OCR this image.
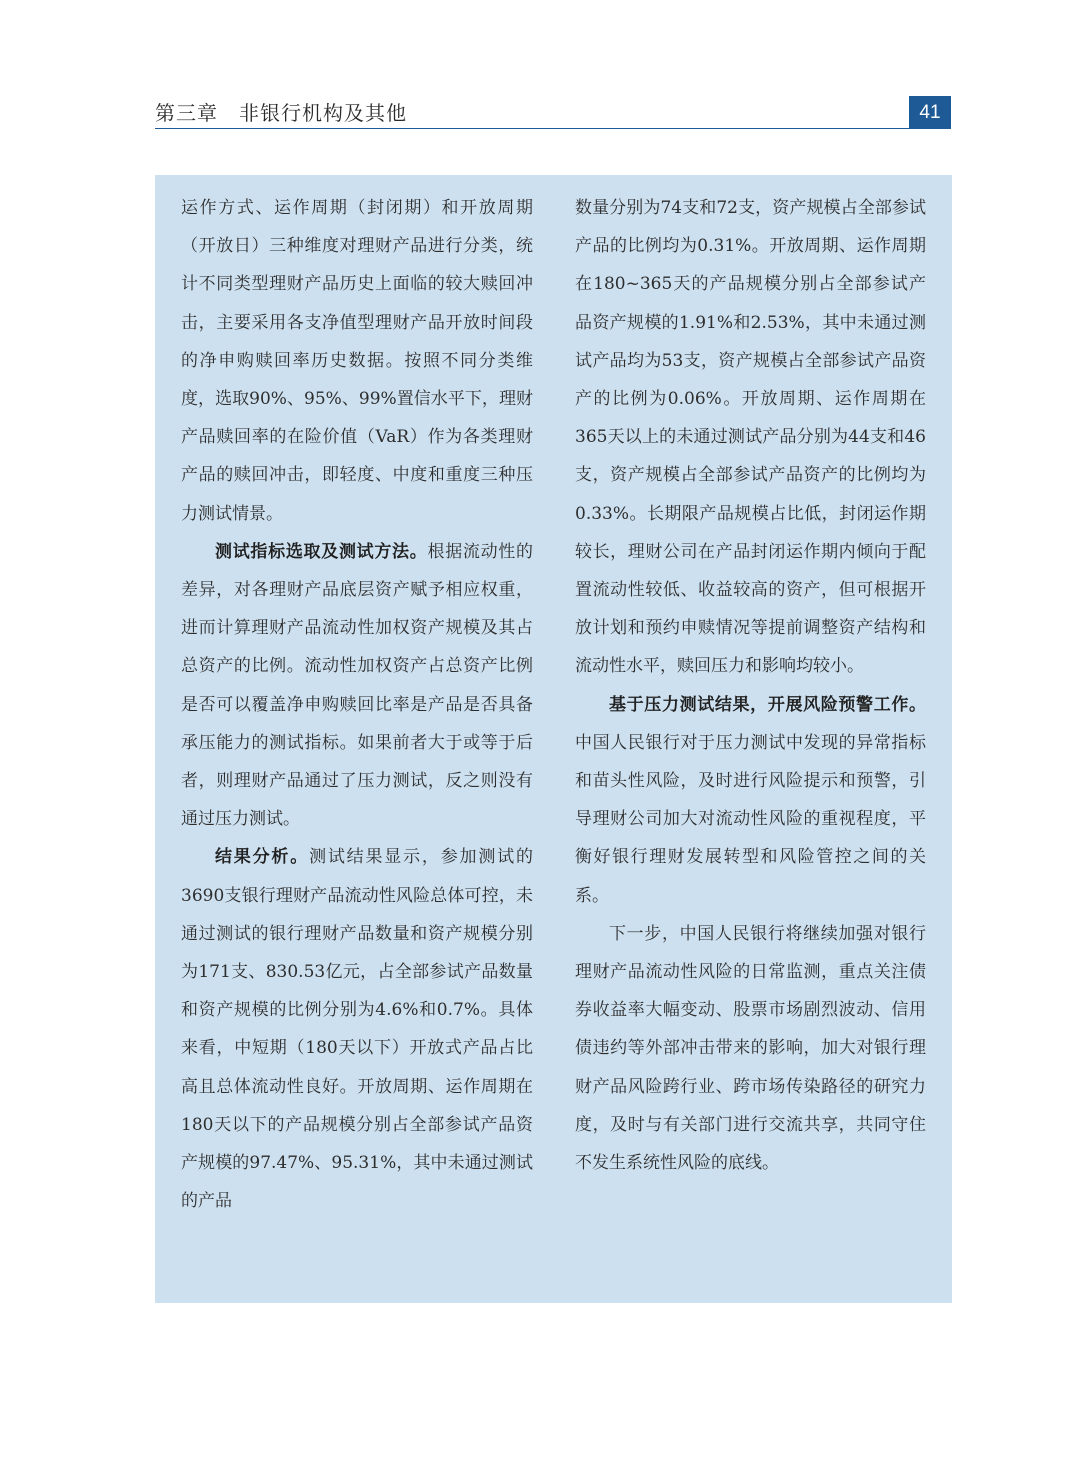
第三章　非银行机构及其他	41

运作方式、运作周期（封闭期）和开放周期（开放日）三种维度对理财产品进行分类，统计不同类型理财产品历史上面临的较大赎回冲击，主要采用各支净值型理财产品开放时间段的净申购赎回率历史数据。按照不同分类维度，选取90%、95%、99%置信水平下，理财产品赎回率的在险价值（VaR）作为各类理财产品的赎回冲击，即轻度、中度和重度三种压力测试情景。

测试指标选取及测试方法。根据流动性的差异，对各理财产品底层资产赋予相应权重，进而计算理财产品流动性加权资产规模及其占总资产的比例。流动性加权资产占总资产比例是否可以覆盖净申购赎回比率是产品是否具备承压能力的测试指标。如果前者大于或等于后者，则理财产品通过了压力测试，反之则没有通过压力测试。

结果分析。测试结果显示，参加测试的3690支银行理财产品流动性风险总体可控，未通过测试的银行理财产品数量和资产规模分别为171支、830.53亿元，占全部参试产品数量和资产规模的比例分别为4.6%和0.7%。具体来看，中短期（180天以下）开放式产品占比高且总体流动性良好。开放周期、运作周期在180天以下的产品规模分别占全部参试产品资产规模的97.47%、95.31%，其中未通过测试的产品

数量分别为74支和72支，资产规模占全部参试产品的比例均为0.31%。开放周期、运作周期在180~365天的产品规模分别占全部参试产品资产规模的1.91%和2.53%，其中未通过测试产品均为53支，资产规模占全部参试产品资产的比例为0.06%。开放周期、运作周期在365天以上的未通过测试产品分别为44支和46支，资产规模占全部参试产品资产的比例均为0.33%。长期限产品规模占比低，封闭运作期较长，理财公司在产品封闭运作期内倾向于配置流动性较低、收益较高的资产，但可根据开放计划和预约申赎情况等提前调整资产结构和流动性水平，赎回压力和影响均较小。

基于压力测试结果，开展风险预警工作。中国人民银行对于压力测试中发现的异常指标和苗头性风险，及时进行风险提示和预警，引导理财公司加大对流动性风险的重视程度，平衡好银行理财发展转型和风险管控之间的关系。

下一步，中国人民银行将继续加强对银行理财产品流动性风险的日常监测，重点关注债券收益率大幅变动、股票市场剧烈波动、信用债违约等外部冲击带来的影响，加大对银行理财产品风险跨行业、跨市场传染路径的研究力度，及时与有关部门进行交流共享，共同守住不发生系统性风险的底线。
